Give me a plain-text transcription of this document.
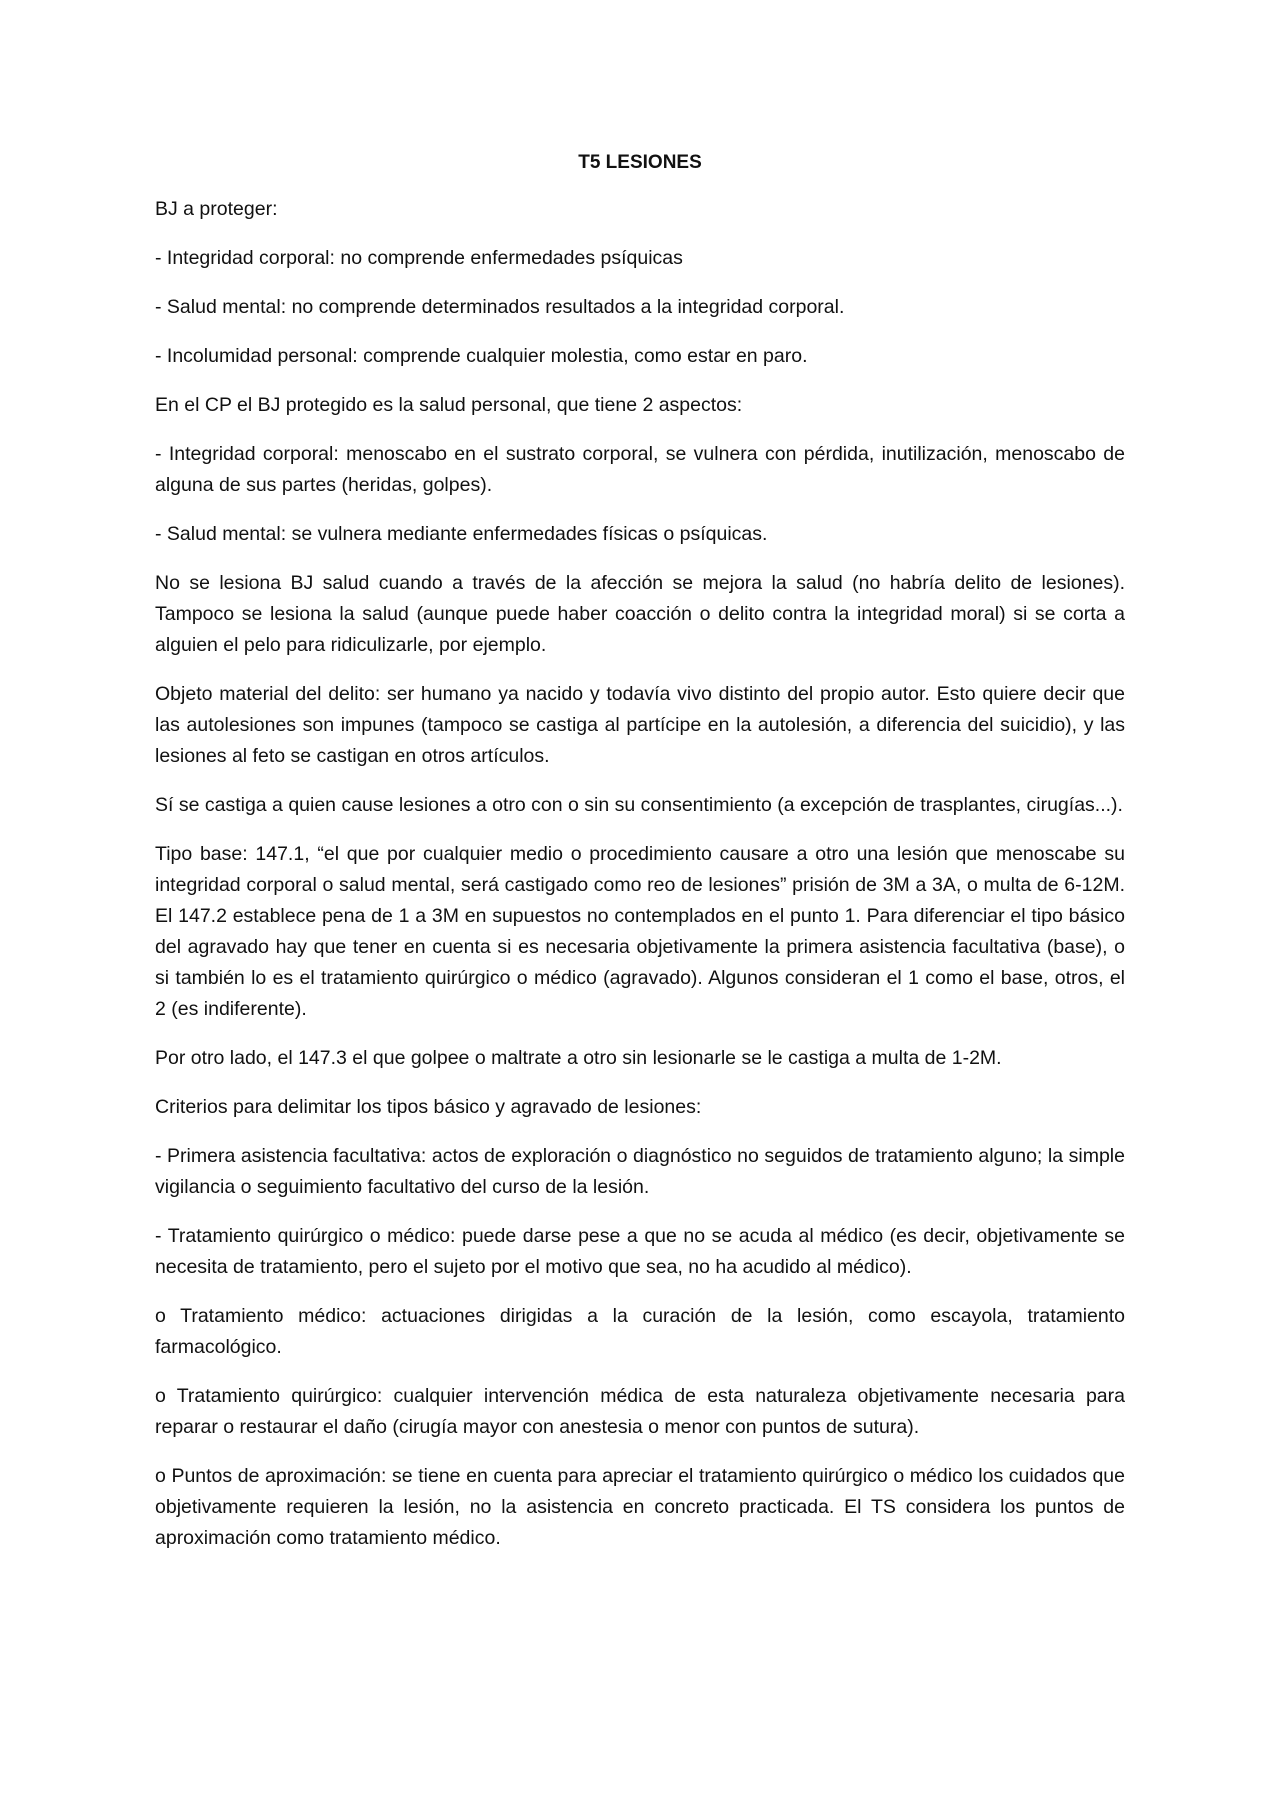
T5 LESIONES

BJ a proteger:

- Integridad corporal: no comprende enfermedades psíquicas

- Salud mental: no comprende determinados resultados a la integridad corporal.

- Incolumidad personal: comprende cualquier molestia, como estar en paro.

En el CP el BJ protegido es la salud personal, que tiene 2 aspectos:

- Integridad corporal: menoscabo en el sustrato corporal, se vulnera con pérdida, inutilización, menoscabo de alguna de sus partes (heridas, golpes).

- Salud mental: se vulnera mediante enfermedades físicas o psíquicas.

No se lesiona BJ salud cuando a través de la afección se mejora la salud (no habría delito de lesiones). Tampoco se lesiona la salud (aunque puede haber coacción o delito contra la integridad moral) si se corta a alguien el pelo para ridiculizarle, por ejemplo.

Objeto material del delito: ser humano ya nacido y todavía vivo distinto del propio autor. Esto quiere decir que las autolesiones son impunes (tampoco se castiga al partícipe en la autolesión, a diferencia del suicidio), y las lesiones al feto se castigan en otros artículos.

Sí se castiga a quien cause lesiones a otro con o sin su consentimiento (a excepción de trasplantes, cirugías...).

Tipo base: 147.1, “el que por cualquier medio o procedimiento causare a otro una lesión que menoscabe su integridad corporal o salud mental, será castigado como reo de lesiones” prisión de 3M a 3A, o multa de 6-12M. El 147.2 establece pena de 1 a 3M en supuestos no contemplados en el punto 1. Para diferenciar el tipo básico del agravado hay que tener en cuenta si es necesaria objetivamente la primera asistencia facultativa (base), o si también lo es el tratamiento quirúrgico o médico (agravado). Algunos consideran el 1 como el base, otros, el 2 (es indiferente).

Por otro lado, el 147.3 el que golpee o maltrate a otro sin lesionarle se le castiga a multa de 1-2M.

Criterios para delimitar los tipos básico y agravado de lesiones:

- Primera asistencia facultativa: actos de exploración o diagnóstico no seguidos de tratamiento alguno; la simple vigilancia o seguimiento facultativo del curso de la lesión.

- Tratamiento quirúrgico o médico: puede darse pese a que no se acuda al médico (es decir, objetivamente se necesita de tratamiento, pero el sujeto por el motivo que sea, no ha acudido al médico).

o Tratamiento médico: actuaciones dirigidas a la curación de la lesión, como escayola, tratamiento farmacológico.

o Tratamiento quirúrgico: cualquier intervención médica de esta naturaleza objetivamente necesaria para reparar o restaurar el daño (cirugía mayor con anestesia o menor con puntos de sutura).

o Puntos de aproximación: se tiene en cuenta para apreciar el tratamiento quirúrgico o médico los cuidados que objetivamente requieren la lesión, no la asistencia en concreto practicada. El TS considera los puntos de aproximación como tratamiento médico.
